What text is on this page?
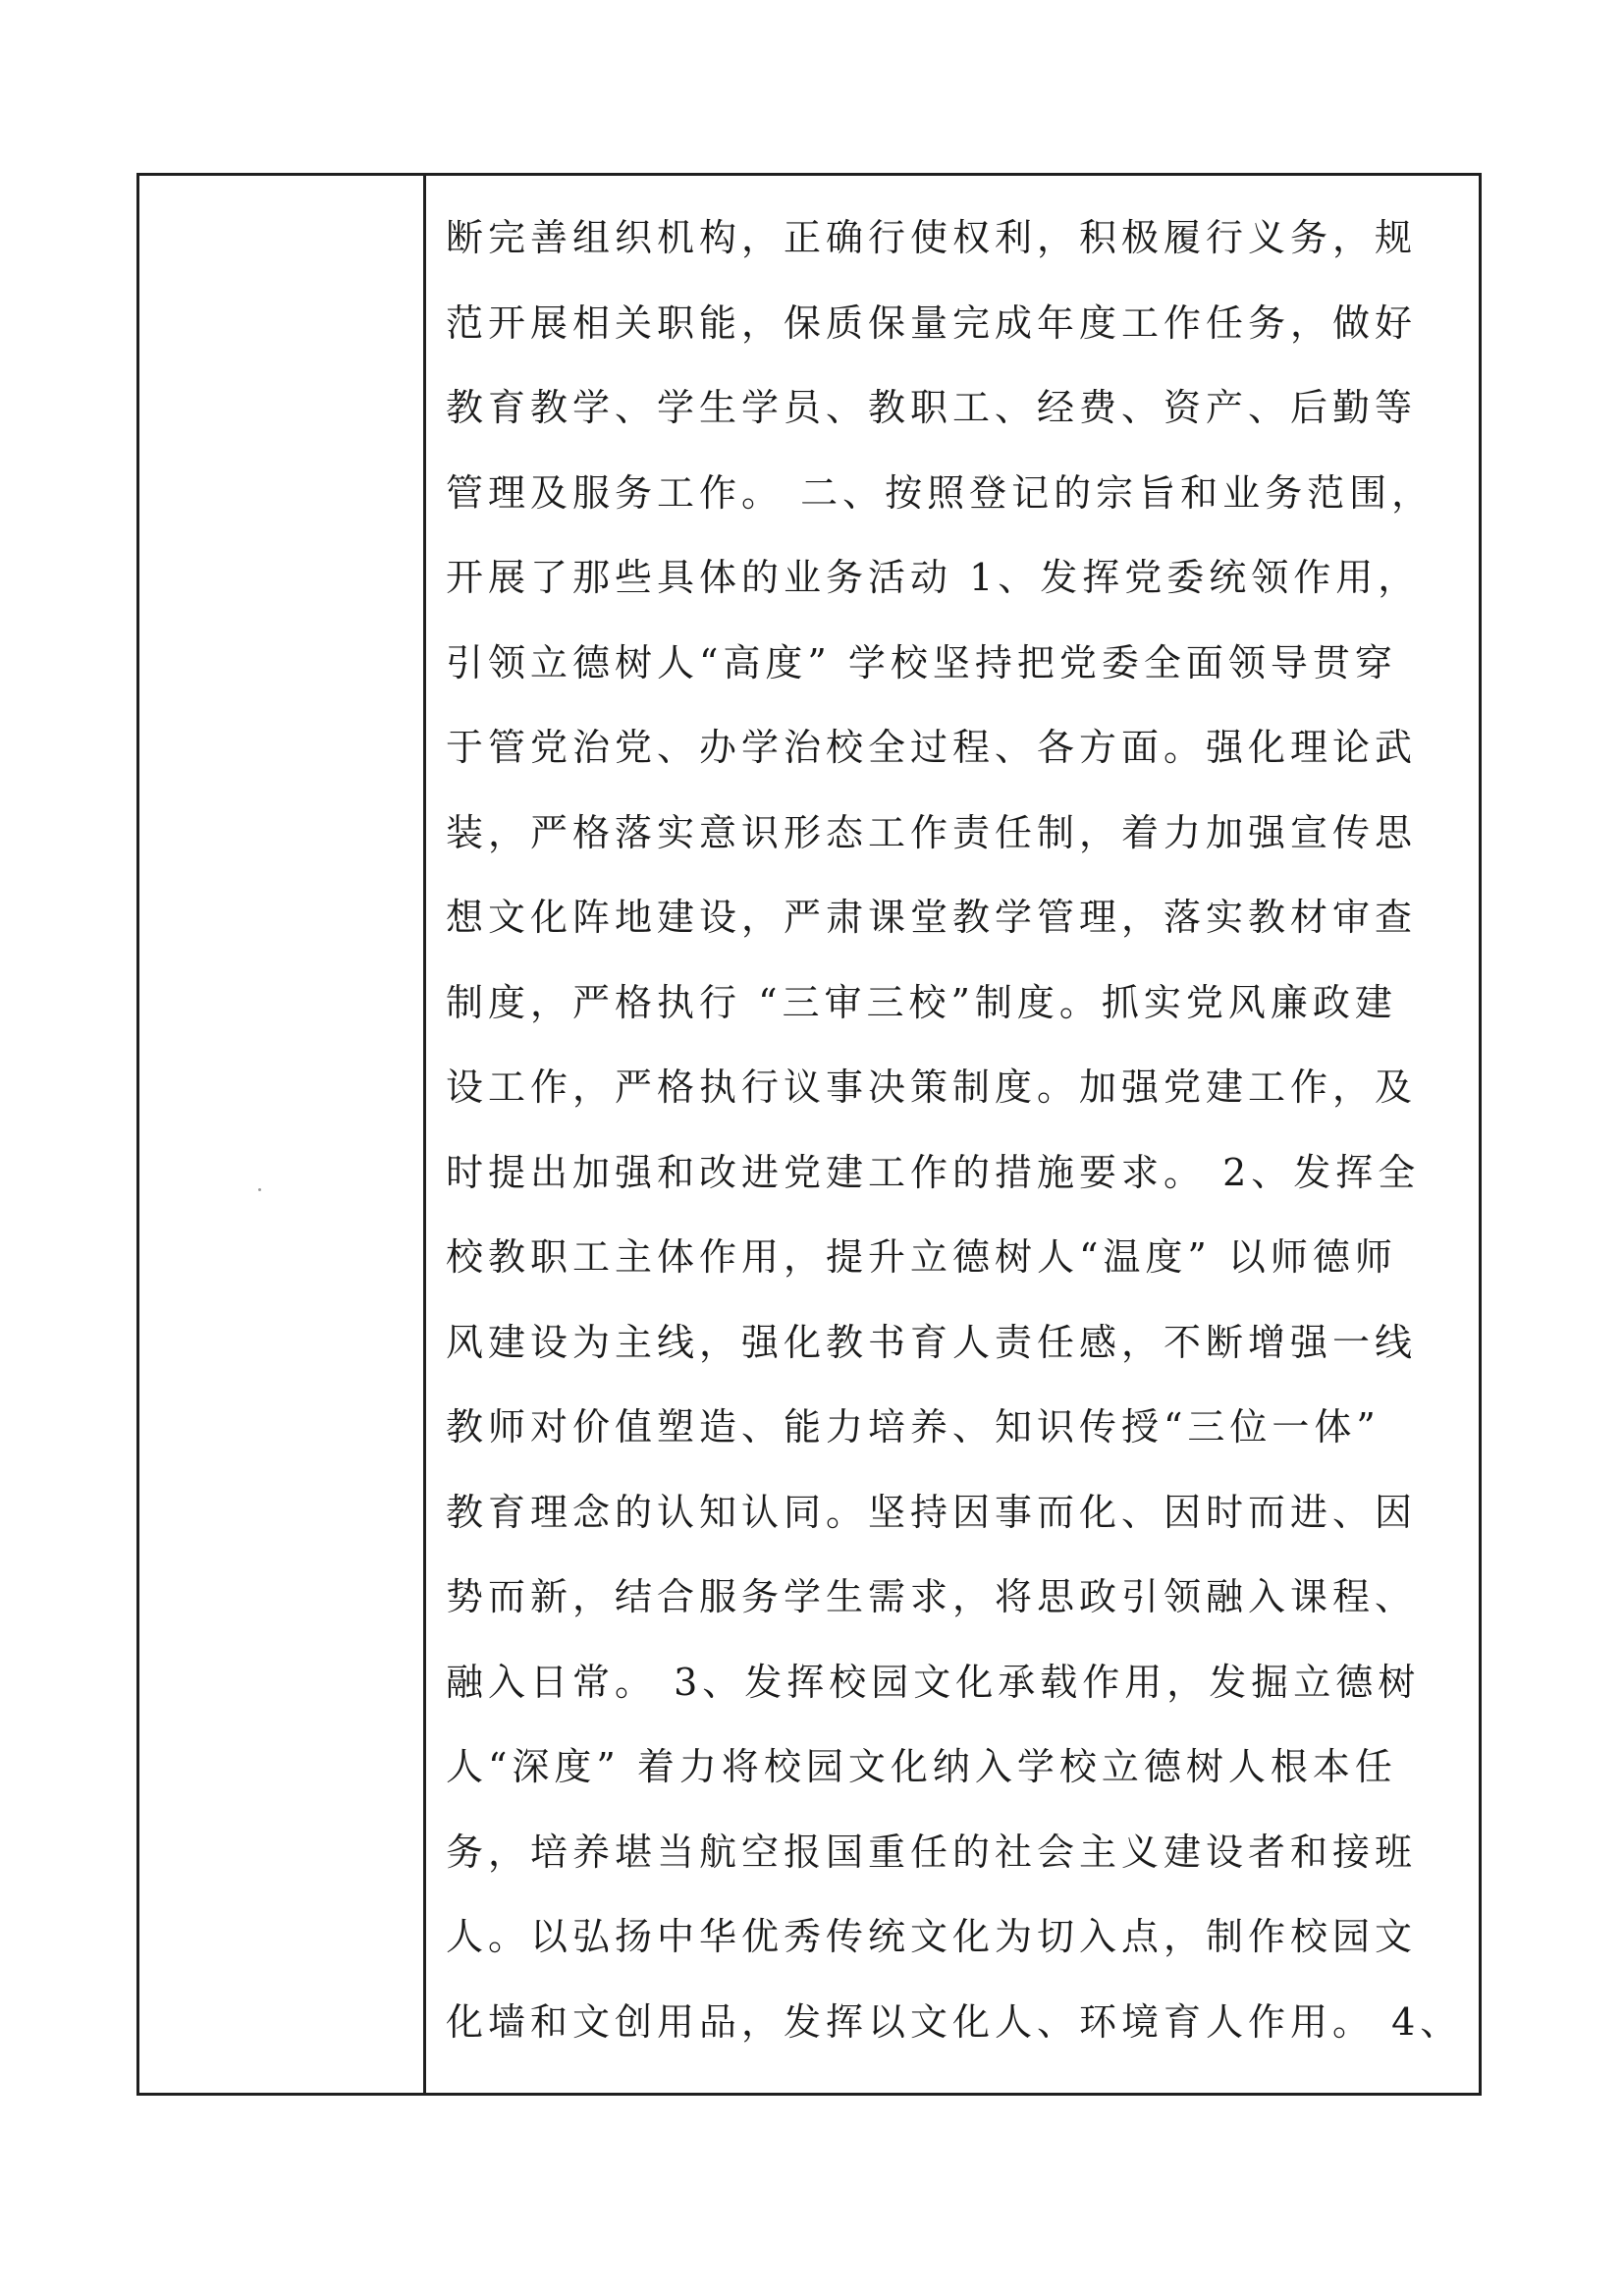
断完善组织机构，正确行使权利，积极履行义务，规
范开展相关职能，保质保量完成年度工作任务，做好
教育教学、学生学员、教职工、经费、资产、后勤等
管理及服务工作。 二、按照登记的宗旨和业务范围，
开展了那些具体的业务活动 1、发挥党委统领作用，
引领立德树人“高度” 学校坚持把党委全面领导贯穿
于管党治党、办学治校全过程、各方面。强化理论武
装，严格落实意识形态工作责任制，着力加强宣传思
想文化阵地建设，严肃课堂教学管理，落实教材审查
制度，严格执行 “三审三校”制度。抓实党风廉政建
设工作，严格执行议事决策制度。加强党建工作，及
时提出加强和改进党建工作的措施要求。 2、发挥全
校教职工主体作用，提升立德树人“温度” 以师德师
风建设为主线，强化教书育人责任感，不断增强一线
教师对价值塑造、能力培养、知识传授“三位一体”
教育理念的认知认同。坚持因事而化、因时而进、因
势而新，结合服务学生需求，将思政引领融入课程、
融入日常。 3、发挥校园文化承载作用，发掘立德树
人“深度” 着力将校园文化纳入学校立德树人根本任
务，培养堪当航空报国重任的社会主义建设者和接班
人。以弘扬中华优秀传统文化为切入点，制作校园文
化墙和文创用品，发挥以文化人、环境育人作用。 4、
